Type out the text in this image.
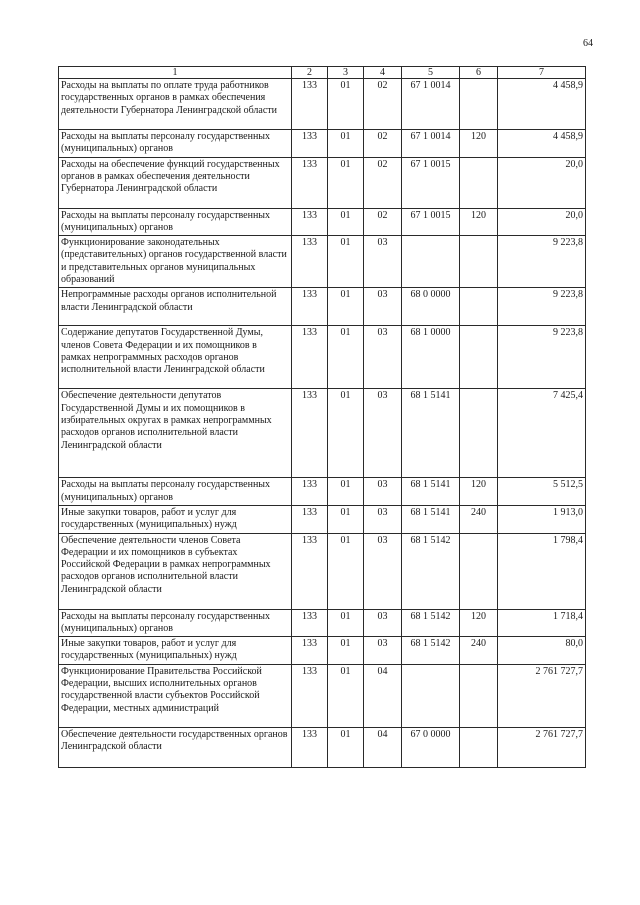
64
1	2	3	4	5	6	7
Расходы на выплаты по оплате труда работников государственных органов в рамках обеспечения деятельности Губернатора Ленинградской области	133	01	02	67 1 0014		4 458,9
Расходы на выплаты персоналу государственных (муниципальных) органов	133	01	02	67 1 0014	120	4 458,9
Расходы на обеспечение функций государственных органов в рамках обеспечения деятельности Губернатора Ленинградской области	133	01	02	67 1 0015		20,0
Расходы на выплаты персоналу государственных (муниципальных) органов	133	01	02	67 1 0015	120	20,0
Функционирование законодательных (представительных) органов государственной власти и представительных органов муниципальных образований	133	01	03			9 223,8
Непрограммные расходы органов исполнительной власти Ленинградской области	133	01	03	68 0 0000		9 223,8
Содержание депутатов Государственной Думы, членов Совета Федерации и их помощников в рамках непрограммных расходов органов исполнительной власти Ленинградской области	133	01	03	68 1 0000		9 223,8
Обеспечение деятельности депутатов Государственной Думы и их помощников в избирательных округах в рамках непрограммных расходов органов исполнительной власти Ленинградской области	133	01	03	68 1 5141		7 425,4
Расходы на выплаты персоналу государственных (муниципальных) органов	133	01	03	68 1 5141	120	5 512,5
Иные закупки товаров, работ и услуг для государственных (муниципальных) нужд	133	01	03	68 1 5141	240	1 913,0
Обеспечение деятельности членов Совета Федерации и их помощников в субъектах Российской Федерации в рамках непрограммных расходов органов исполнительной власти Ленинградской области	133	01	03	68 1 5142		1 798,4
Расходы на выплаты персоналу государственных (муниципальных) органов	133	01	03	68 1 5142	120	1 718,4
Иные закупки товаров, работ и услуг для государственных (муниципальных) нужд	133	01	03	68 1 5142	240	80,0
Функционирование Правительства Российской Федерации, высших исполнительных органов государственной власти субъектов Российской Федерации, местных администраций	133	01	04			2 761 727,7
Обеспечение деятельности государственных органов Ленинградской области	133	01	04	67 0 0000		2 761 727,7
